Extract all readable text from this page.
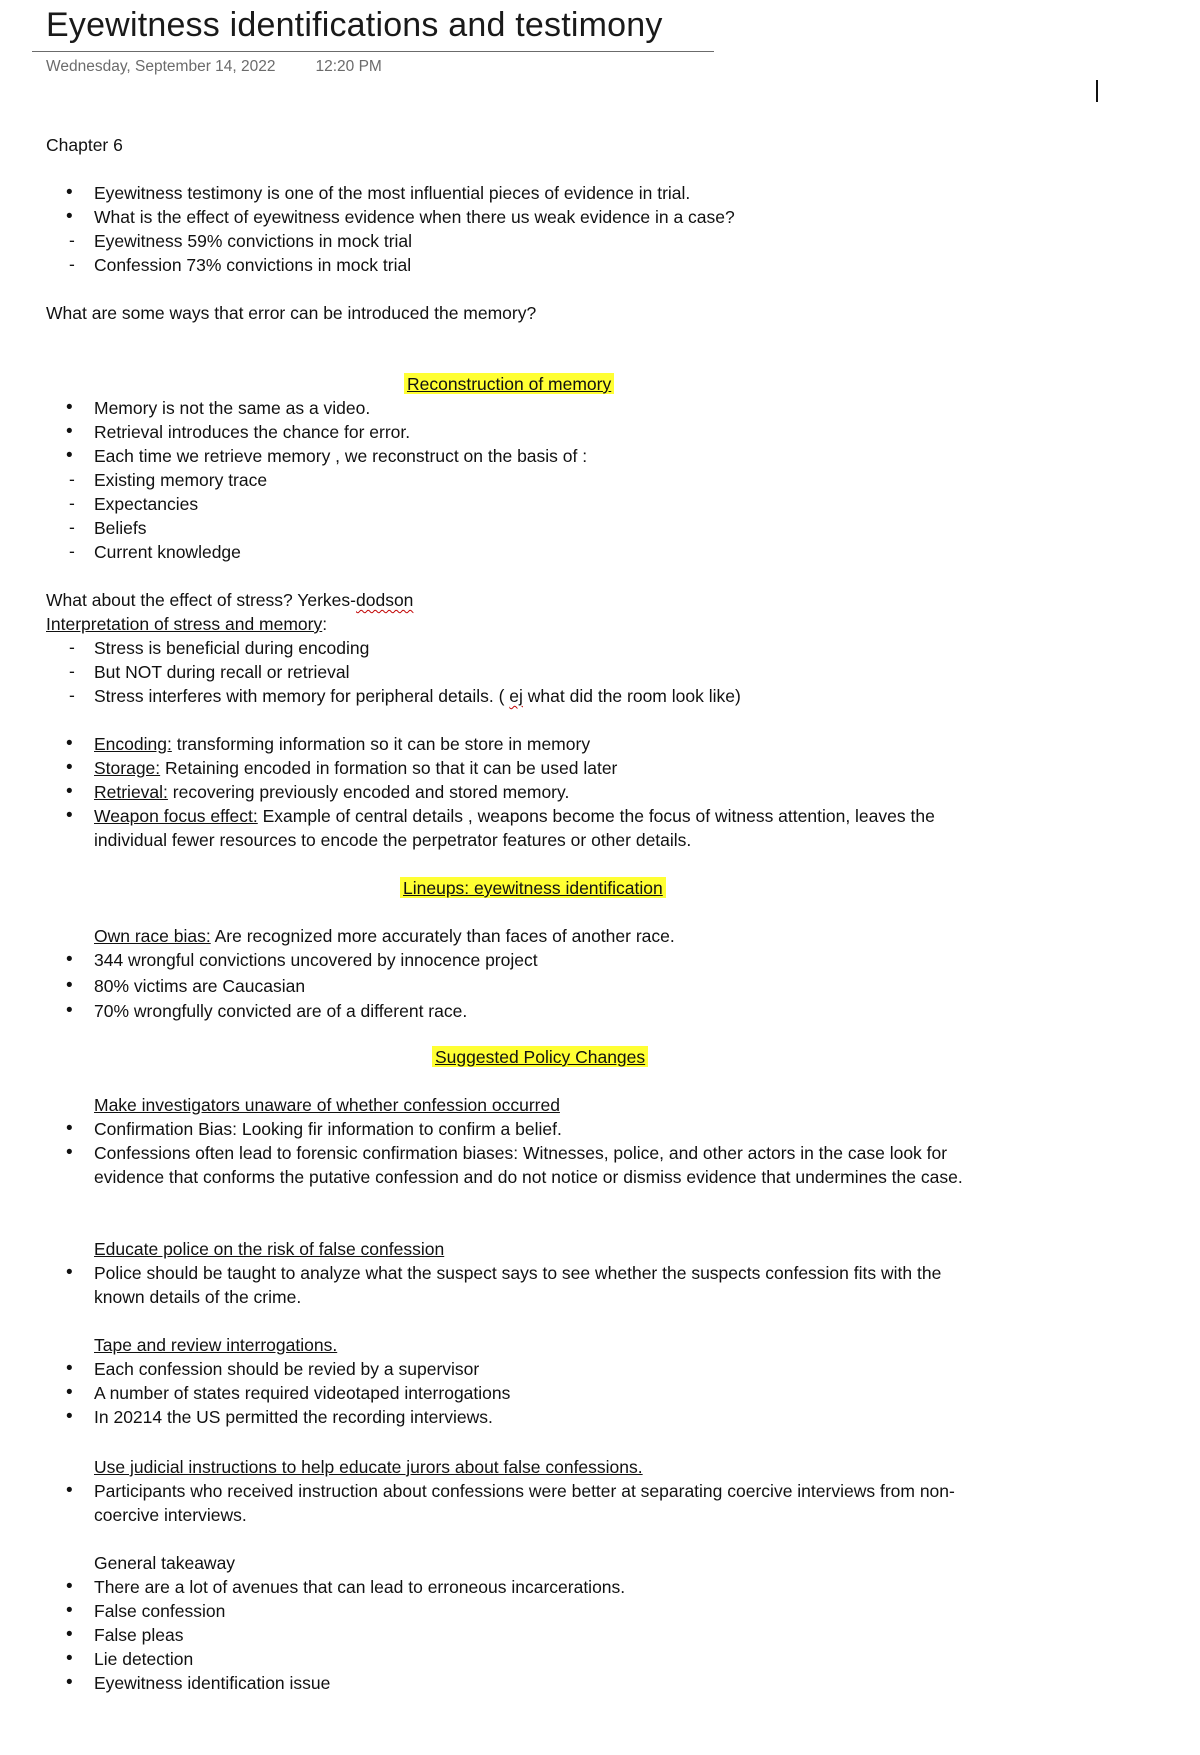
Eyewitness identifications and testimony
Wednesday, September 14, 2022	12:20 PM
Chapter 6
• Eyewitness testimony is one of the most influential pieces of evidence in trial.
• What is the effect of eyewitness evidence when there us weak evidence in a case?
- Eyewitness 59% convictions in mock trial
- Confession 73% convictions in mock trial
What are some ways that error can be introduced the memory?
Reconstruction of memory
• Memory is not the same as a video.
• Retrieval introduces the chance for error.
• Each time we retrieve memory , we reconstruct on the basis of :
- Existing memory trace
- Expectancies
- Beliefs
- Current knowledge
What about the effect of stress? Yerkes-dodson
Interpretation of stress and memory:
- Stress is beneficial during encoding
- But NOT during recall or retrieval
- Stress interferes with memory for peripheral details. ( ej what did the room look like)
• Encoding: transforming information so it can be store in memory
• Storage: Retaining encoded in formation so that it can be used later
• Retrieval: recovering previously encoded and stored memory.
• Weapon focus effect: Example of central details , weapons become the focus of witness attention, leaves the individual fewer resources to encode the perpetrator features or other details.
Lineups: eyewitness identification
Own race bias: Are recognized more accurately than faces of another race.
• 344 wrongful convictions uncovered by innocence project
• 80% victims are Caucasian
• 70% wrongfully convicted are of a different race.
Suggested Policy Changes
Make investigators unaware of whether confession occurred
• Confirmation Bias: Looking fir information to confirm a belief.
• Confessions often lead to forensic confirmation biases: Witnesses, police, and other actors in the case look for evidence that conforms the putative confession and do not notice or dismiss evidence that undermines the case.
Educate police on the risk of false confession
• Police should be taught to analyze what the suspect says to see whether the suspects confession fits with the known details of the crime.
Tape and review interrogations.
• Each confession should be revied by a supervisor
• A number of states required videotaped interrogations
• In 20214 the US permitted the recording interviews.
Use judicial instructions to help educate jurors about false confessions.
• Participants who received instruction about confessions were better at separating coercive interviews from non-coercive interviews.
General takeaway
• There are a lot of avenues that can lead to erroneous incarcerations.
• False confession
• False pleas
• Lie detection
• Eyewitness identification issue
